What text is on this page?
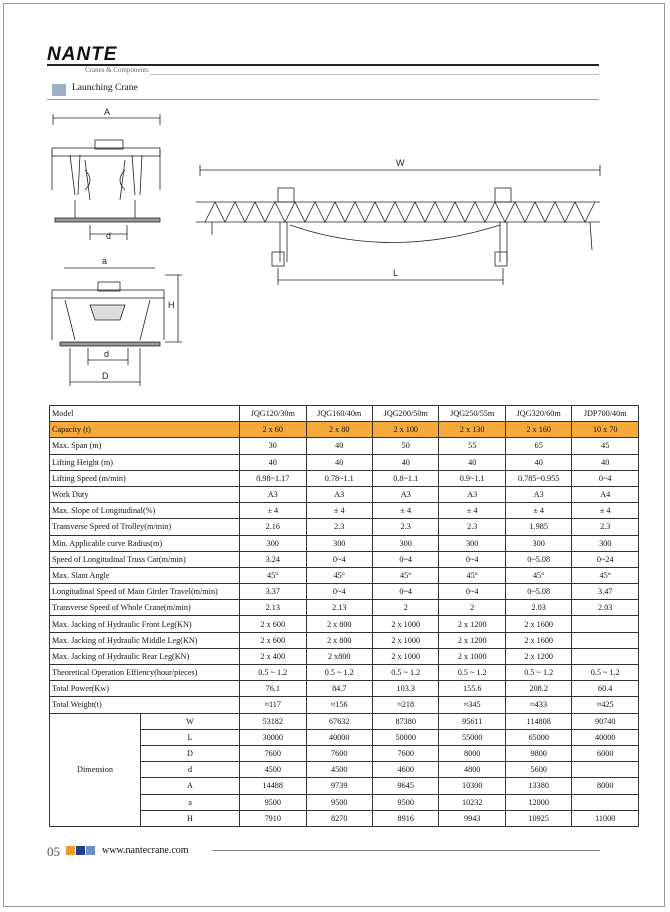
NANTE
Cranes & Components
Launching Crane
A
d
a
H
d
D
W
L
Model		JQG120/30m	JQG160/40m	JQG200/50m	JQG250/55m	JQG320/60m	JDP700/40m
Capacity (t)		2 x 60	2 x 80	2 x 100	2 x 130	2 x 160	10 x 70
Max. Span (m)		30	40	50	55	65	45
Lifting Height (m)		40	40	40	40	40	40
Lifting Speed (m/min)		0.98~1.17	0.78~1.1	0.8~1.1	0.9~1.1	0.785~0.955	0~4
Work Duty		A3	A3	A3	A3	A3	A4
Max. Slope of Longitudinal(%)		± 4	± 4	± 4	± 4	± 4	± 4
Transverse Speed of Trolley(m/min)		2.16	2.3	2.3	2.3	1.985	2.3
Min. Applicable curve Radius(m)		300	300	300	300	300	300
Speed of Longitudinal Truss Car(m/min)		3.24	0~4	0~4	0~4	0~5.08	0~24
Max. Slant Angle		45°	45°	45°	45°	45°	45°
Longitudinal Speed of Main Girder Travel(m/min)		3.37	0~4	0~4	0~4	0~5.08	3.47
Transverse Speed of Whole Crane(m/min)		2.13	2.13	2	2	2.03	2.03
Max. Jacking of Hydraulic Front Leg(KN)		2 x 600	2 x 800	2 x 1000	2 x 1200	2 x 1600	
Max. Jacking of Hydraulic Middle Leg(KN)		2 x 600	2 x 800	2 x 1000	2 x 1200	2 x 1600	
Max. Jacking of Hydraulic Rear Leg(KN)		2 x 400	2 x800	2 x 1000	2 x 1000	2 x 1200	
Theoretical Operation Effiency(hour/pieces)		0.5 ~ 1.2	0.5 ~ 1.2	0.5 ~ 1.2	0.5 ~ 1.2	0.5 ~ 1.2	0.5 ~ 1.2
Total Power(Kw)		76.1	84.7	103.3	155.6	208.2	60.4
Total Weight(t)		≈117	≈156	≈218	≈345	≈433	≈425
Dimension	W	53182	67632	87380	95611	114808	90740
	L	30000	40000	50000	55000	65000	40000
	D	7600	7600	7600	8000	9800	6000
	d	4500	4500	4600	4800	5600	
	A	14488	9739	9645	10300	13380	8000
	a	9500	9500	9500	10232	12000	
	H	7910	8270	8916	9943	10925	11000
05	www.nantecrane.com
